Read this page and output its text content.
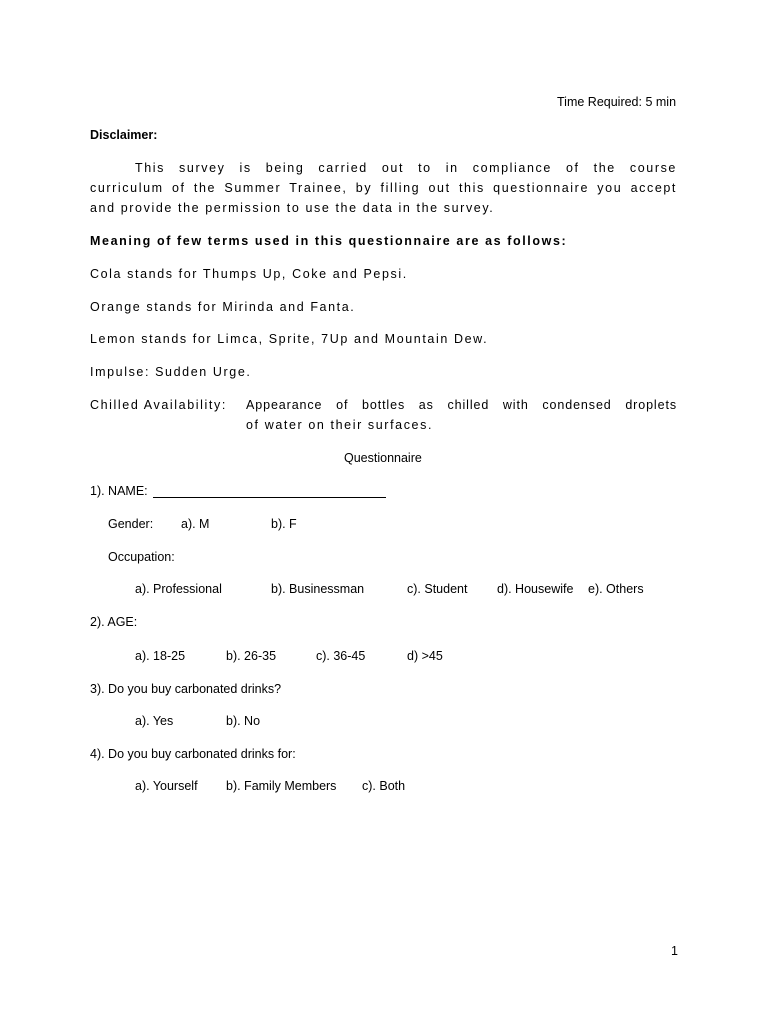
Time Required: 5 min
Disclaimer:
This survey is being carried out to in compliance of the course
curriculum of the Summer Trainee, by filling out this questionnaire you accept
and provide the permission to use the data in the survey.
Meaning of few terms used in this questionnaire are as follows:
Cola stands for Thumps Up, Coke and Pepsi.
Orange stands for Mirinda and Fanta.
Lemon stands for Limca, Sprite, 7Up and Mountain Dew.
Impulse: Sudden Urge.
Chilled Availability: Appearance of bottles as chilled with condensed droplets
of water on their surfaces.
Questionnaire
1). NAME:
Gender: a). M	b). F
Occupation:
a). Professional	b). Businessman	c). Student d). Housewife e). Others
2). AGE:
a). 18-25	b). 26-35	c). 36-45	d) >45
3). Do you buy carbonated drinks?
a). Yes	b). No
4). Do you buy carbonated drinks for:
a). Yourself b). Family Members c). Both
1
